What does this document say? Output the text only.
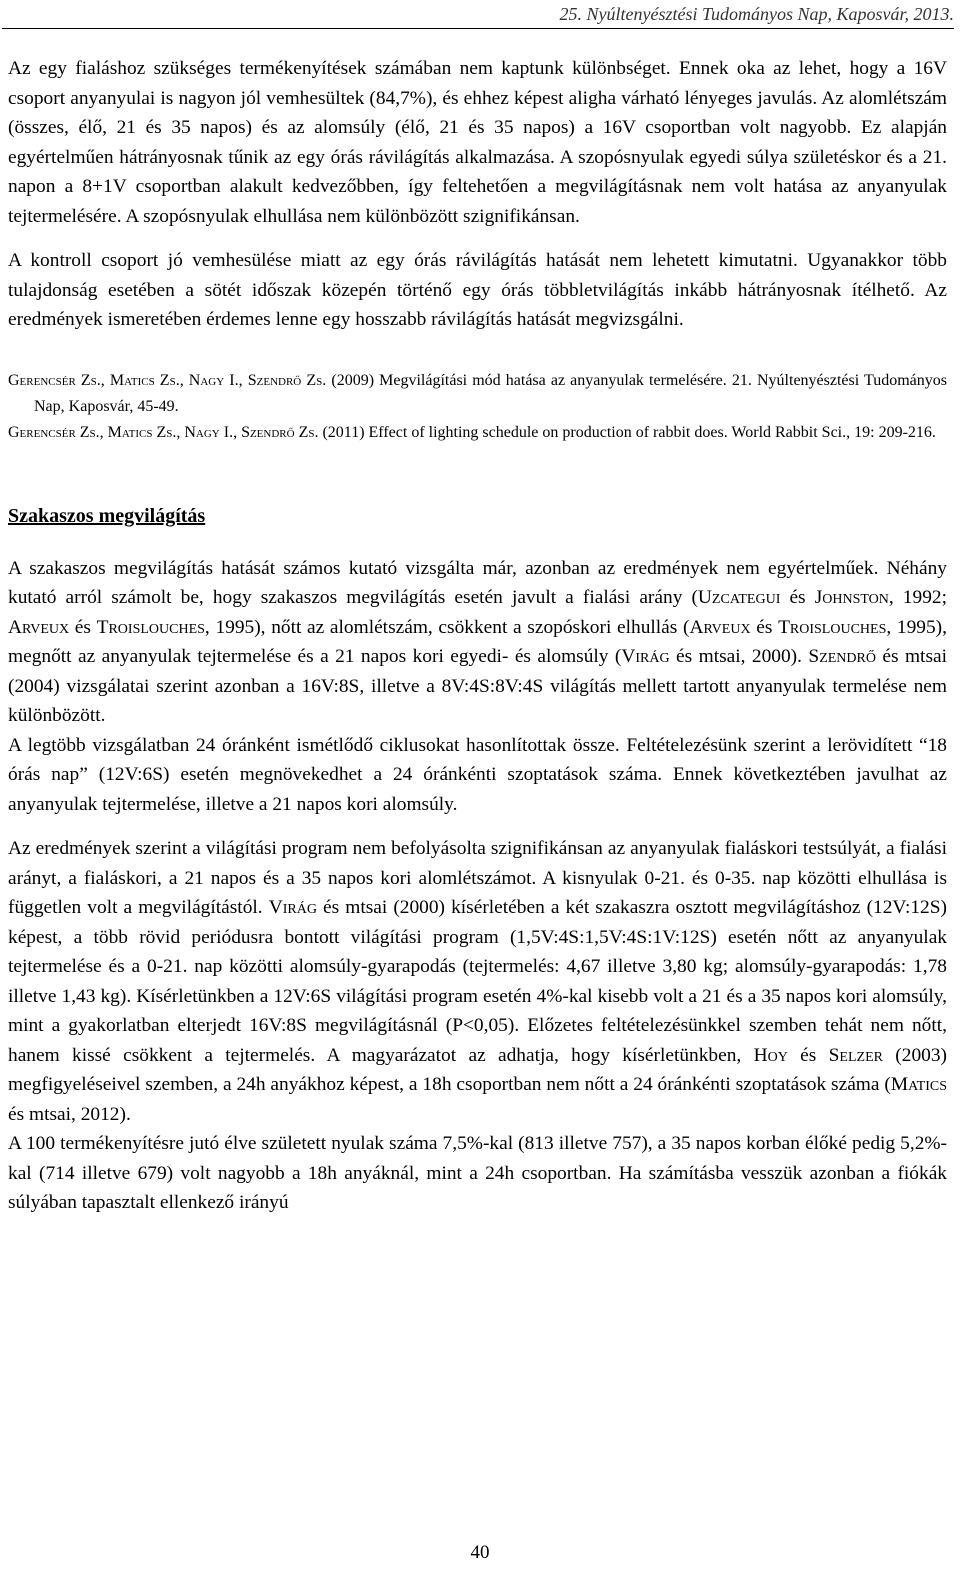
25. Nyúltenyésztési Tudományos Nap, Kaposvár, 2013.

Az egy fialáshoz szükséges termékenyítések számában nem kaptunk különbséget. Ennek oka az lehet, hogy a 16V csoport anyanyulai is nagyon jól vemhesültek (84,7%), és ehhez képest aligha várható lényeges javulás. Az alomlétszám (összes, élő, 21 és 35 napos) és az alomsúly (élő, 21 és 35 napos) a 16V csoportban volt nagyobb. Ez alapján egyértelműen hátrányosnak tűnik az egy órás rávilágítás alkalmazása. A szopósnyulak egyedi súlya születéskor és a 21. napon a 8+1V csoportban alakult kedvezőbben, így feltehetően a megvilágításnak nem volt hatása az anyanyulak tejtermelésére. A szopósnyulak elhullása nem különbözött szignifikánsan.

A kontroll csoport jó vemhesülése miatt az egy órás rávilágítás hatását nem lehetett kimutatni. Ugyanakkor több tulajdonság esetében a sötét időszak közepén történő egy órás többletvilágítás inkább hátrányosnak ítélhető. Az eredmények ismeretében érdemes lenne egy hosszabb rávilágítás hatását megvizsgálni.

Gerencsér Zs., Matics Zs., Nagy I., Szendrő Zs. (2009) Megvilágítási mód hatása az anyanyulak termelésére. 21. Nyúltenyésztési Tudományos Nap, Kaposvár, 45-49.

Gerencsér Zs., Matics Zs., Nagy I., Szendrő Zs. (2011) Effect of lighting schedule on production of rabbit does. World Rabbit Sci., 19: 209-216.

Szakaszos megvilágítás

A szakaszos megvilágítás hatását számos kutató vizsgálta már, azonban az eredmények nem egyértelműek. Néhány kutató arról számolt be, hogy szakaszos megvilágítás esetén javult a fialási arány (Uzcategui és Johnston, 1992; Arveux és Troislouches, 1995), nőtt az alomlétszám, csökkent a szopóskori elhullás (Arveux és Troislouches, 1995), megnőtt az anyanyulak tejtermelése és a 21 napos kori egyedi- és alomsúly (Virág és mtsai, 2000). Szendrő és mtsai (2004) vizsgálatai szerint azonban a 16V:8S, illetve a 8V:4S:8V:4S világítás mellett tartott anyanyulak termelése nem különbözött.

A legtöbb vizsgálatban 24 óránként ismétlődő ciklusokat hasonlítottak össze. Feltételezésünk szerint a lerövidített “18 órás nap” (12V:6S) esetén megnövekedhet a 24 óránkénti szoptatások száma. Ennek következtében javulhat az anyanyulak tejtermelése, illetve a 21 napos kori alomsúly.

Az eredmények szerint a világítási program nem befolyásolta szignifikánsan az anyanyulak fialáskori testsúlyát, a fialási arányt, a fialáskori, a 21 napos és a 35 napos kori alomlétszámot. A kisnyulak 0-21. és 0-35. nap közötti elhullása is független volt a megvilágítástól. Virág és mtsai (2000) kísérletében a két szakaszra osztott megvilágításhoz (12V:12S) képest, a több rövid periódusra bontott világítási program (1,5V:4S:1,5V:4S:1V:12S) esetén nőtt az anyanyulak tejtermelése és a 0-21. nap közötti alomsúly-gyarapodás (tejtermelés: 4,67 illetve 3,80 kg; alomsúly-gyarapodás: 1,78 illetve 1,43 kg). Kísérletünkben a 12V:6S világítási program esetén 4%-kal kisebb volt a 21 és a 35 napos kori alomsúly, mint a gyakorlatban elterjedt 16V:8S megvilágításnál (P<0,05). Előzetes feltételezésünkkel szemben tehát nem nőtt, hanem kissé csökkent a tejtermelés. A magyarázatot az adhatja, hogy kísérletünkben, Hoy és Selzer (2003) megfigyeléseivel szemben, a 24h anyákhoz képest, a 18h csoportban nem nőtt a 24 óránkénti szoptatások száma (Matics és mtsai, 2012).

A 100 termékenyítésre jutó élve született nyulak száma 7,5%-kal (813 illetve 757), a 35 napos korban élőké pedig 5,2%-kal (714 illetve 679) volt nagyobb a 18h anyáknál, mint a 24h csoportban. Ha számításba vesszük azonban a fiókák súlyában tapasztalt ellenkező irányú

40
